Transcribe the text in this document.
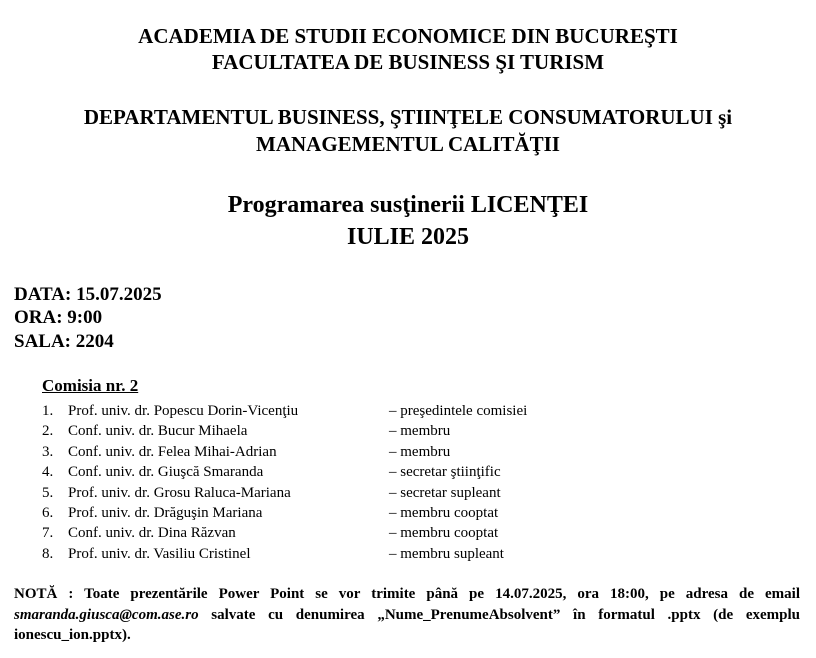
ACADEMIA DE STUDII ECONOMICE DIN BUCUREŞTI

FACULTATEA DE BUSINESS ŞI TURISM

DEPARTAMENTUL BUSINESS, ŞTIINŢELE CONSUMATORULUI şi

MANAGEMENTUL CALITĂŢII

Programarea susţinerii LICENŢEI

IULIE 2025

DATA: 15.07.2025
ORA: 9:00
SALA: 2204
Comisia nr. 2
1. Prof. univ. dr. Popescu Dorin-Vicenţiu	– preşedintele comisiei
2. Conf. univ. dr. Bucur Mihaela	– membru
3. Conf. univ. dr. Felea Mihai-Adrian	– membru
4. Conf. univ. dr. Giuşcă Smaranda	– secretar ştiinţific
5. Prof. univ. dr. Grosu Raluca-Mariana	– secretar supleant
6. Prof. univ. dr. Drăguşin Mariana	– membru cooptat
7. Conf. univ. dr. Dina Răzvan	– membru cooptat
8. Prof. univ. dr. Vasiliu Cristinel	– membru supleant

NOTĂ : Toate prezentările Power Point se vor trimite până pe 14.07.2025, ora 18:00, pe adresa de email smaranda.giusca@com.ase.ro salvate cu denumirea „Nume_PrenumeAbsolvent” în formatul .pptx (de exemplu ionescu_ion.pptx).
